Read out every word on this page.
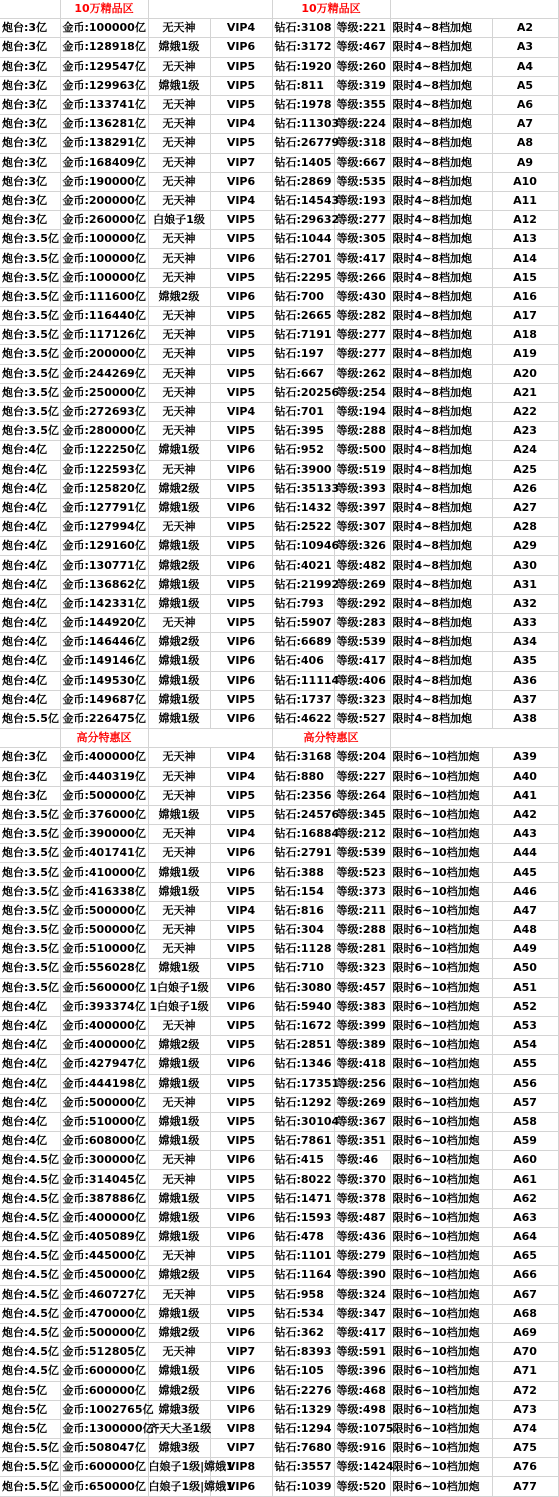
	10万精品区			10万精品区			
炮台:3亿	金币:100000亿	无天神	VIP4	钻石:3108	等级:221	限时4~8档加炮	A2
炮台:3亿	金币:128918亿	嫦娥1级	VIP6	钻石:3172	等级:467	限时4~8档加炮	A3
炮台:3亿	金币:129547亿	无天神	VIP5	钻石:1920	等级:260	限时4~8档加炮	A4
炮台:3亿	金币:129963亿	嫦娥1级	VIP5	钻石:811	等级:319	限时4~8档加炮	A5
炮台:3亿	金币:133741亿	无天神	VIP5	钻石:1978	等级:355	限时4~8档加炮	A6
炮台:3亿	金币:136281亿	无天神	VIP4	钻石:11303	等级:224	限时4~8档加炮	A7
炮台:3亿	金币:138291亿	无天神	VIP5	钻石:26779	等级:318	限时4~8档加炮	A8
炮台:3亿	金币:168409亿	无天神	VIP7	钻石:1405	等级:667	限时4~8档加炮	A9
炮台:3亿	金币:190000亿	无天神	VIP6	钻石:2869	等级:535	限时4~8档加炮	A10
炮台:3亿	金币:200000亿	无天神	VIP4	钻石:14543	等级:193	限时4~8档加炮	A11
炮台:3亿	金币:260000亿	白娘子1级	VIP5	钻石:29632	等级:277	限时4~8档加炮	A12
炮台:3.5亿	金币:100000亿	无天神	VIP5	钻石:1044	等级:305	限时4~8档加炮	A13
炮台:3.5亿	金币:100000亿	无天神	VIP6	钻石:2701	等级:417	限时4~8档加炮	A14
炮台:3.5亿	金币:100000亿	无天神	VIP5	钻石:2295	等级:266	限时4~8档加炮	A15
炮台:3.5亿	金币:111600亿	嫦娥2级	VIP6	钻石:700	等级:430	限时4~8档加炮	A16
炮台:3.5亿	金币:116440亿	无天神	VIP5	钻石:2665	等级:282	限时4~8档加炮	A17
炮台:3.5亿	金币:117126亿	无天神	VIP5	钻石:7191	等级:277	限时4~8档加炮	A18
炮台:3.5亿	金币:200000亿	无天神	VIP5	钻石:197	等级:277	限时4~8档加炮	A19
炮台:3.5亿	金币:244269亿	无天神	VIP5	钻石:667	等级:262	限时4~8档加炮	A20
炮台:3.5亿	金币:250000亿	无天神	VIP5	钻石:20256	等级:254	限时4~8档加炮	A21
炮台:3.5亿	金币:272693亿	无天神	VIP4	钻石:701	等级:194	限时4~8档加炮	A22
炮台:3.5亿	金币:280000亿	无天神	VIP5	钻石:395	等级:288	限时4~8档加炮	A23
炮台:4亿	金币:122250亿	嫦娥1级	VIP6	钻石:952	等级:500	限时4~8档加炮	A24
炮台:4亿	金币:122593亿	无天神	VIP6	钻石:3900	等级:519	限时4~8档加炮	A25
炮台:4亿	金币:125820亿	嫦娥2级	VIP5	钻石:35133	等级:393	限时4~8档加炮	A26
炮台:4亿	金币:127791亿	嫦娥1级	VIP6	钻石:1432	等级:397	限时4~8档加炮	A27
炮台:4亿	金币:127994亿	无天神	VIP5	钻石:2522	等级:307	限时4~8档加炮	A28
炮台:4亿	金币:129160亿	嫦娥1级	VIP5	钻石:10946	等级:326	限时4~8档加炮	A29
炮台:4亿	金币:130771亿	嫦娥2级	VIP6	钻石:4021	等级:482	限时4~8档加炮	A30
炮台:4亿	金币:136862亿	嫦娥1级	VIP5	钻石:21992	等级:269	限时4~8档加炮	A31
炮台:4亿	金币:142331亿	嫦娥1级	VIP5	钻石:793	等级:292	限时4~8档加炮	A32
炮台:4亿	金币:144920亿	无天神	VIP5	钻石:5907	等级:283	限时4~8档加炮	A33
炮台:4亿	金币:146446亿	嫦娥2级	VIP6	钻石:6689	等级:539	限时4~8档加炮	A34
炮台:4亿	金币:149146亿	嫦娥1级	VIP6	钻石:406	等级:417	限时4~8档加炮	A35
炮台:4亿	金币:149530亿	嫦娥1级	VIP6	钻石:11114	等级:406	限时4~8档加炮	A36
炮台:4亿	金币:149687亿	嫦娥1级	VIP5	钻石:1737	等级:323	限时4~8档加炮	A37
炮台:5.5亿	金币:226475亿	嫦娥1级	VIP6	钻石:4622	等级:527	限时4~8档加炮	A38
	高分特惠区			高分特惠区			
炮台:3亿	金币:400000亿	无天神	VIP4	钻石:3168	等级:204	限时6~10档加炮	A39
炮台:3亿	金币:440319亿	无天神	VIP4	钻石:880	等级:227	限时6~10档加炮	A40
炮台:3亿	金币:500000亿	无天神	VIP5	钻石:2356	等级:264	限时6~10档加炮	A41
炮台:3.5亿	金币:376000亿	嫦娥1级	VIP5	钻石:24576	等级:345	限时6~10档加炮	A42
炮台:3.5亿	金币:390000亿	无天神	VIP4	钻石:16884	等级:212	限时6~10档加炮	A43
炮台:3.5亿	金币:401741亿	无天神	VIP6	钻石:2791	等级:539	限时6~10档加炮	A44
炮台:3.5亿	金币:410000亿	嫦娥1级	VIP6	钻石:388	等级:523	限时6~10档加炮	A45
炮台:3.5亿	金币:416338亿	嫦娥1级	VIP5	钻石:154	等级:373	限时6~10档加炮	A46
炮台:3.5亿	金币:500000亿	无天神	VIP4	钻石:816	等级:211	限时6~10档加炮	A47
炮台:3.5亿	金币:500000亿	无天神	VIP5	钻石:304	等级:288	限时6~10档加炮	A48
炮台:3.5亿	金币:510000亿	无天神	VIP5	钻石:1128	等级:281	限时6~10档加炮	A49
炮台:3.5亿	金币:556028亿	嫦娥1级	VIP5	钻石:710	等级:323	限时6~10档加炮	A50
炮台:3.5亿	金币:560000亿	1白娘子1级	VIP6	钻石:3080	等级:457	限时6~10档加炮	A51
炮台:4亿	金币:393374亿	1白娘子1级	VIP6	钻石:5940	等级:383	限时6~10档加炮	A52
炮台:4亿	金币:400000亿	无天神	VIP5	钻石:1672	等级:399	限时6~10档加炮	A53
炮台:4亿	金币:400000亿	嫦娥2级	VIP5	钻石:2851	等级:389	限时6~10档加炮	A54
炮台:4亿	金币:427947亿	嫦娥1级	VIP6	钻石:1346	等级:418	限时6~10档加炮	A55
炮台:4亿	金币:444198亿	嫦娥1级	VIP5	钻石:17351	等级:256	限时6~10档加炮	A56
炮台:4亿	金币:500000亿	无天神	VIP5	钻石:1292	等级:269	限时6~10档加炮	A57
炮台:4亿	金币:510000亿	嫦娥1级	VIP5	钻石:30104	等级:367	限时6~10档加炮	A58
炮台:4亿	金币:608000亿	嫦娥1级	VIP5	钻石:7861	等级:351	限时6~10档加炮	A59
炮台:4.5亿	金币:300000亿	无天神	VIP6	钻石:415	等级:46	限时6~10档加炮	A60
炮台:4.5亿	金币:314045亿	无天神	VIP5	钻石:8022	等级:370	限时6~10档加炮	A61
炮台:4.5亿	金币:387886亿	嫦娥1级	VIP5	钻石:1471	等级:378	限时6~10档加炮	A62
炮台:4.5亿	金币:400000亿	嫦娥1级	VIP6	钻石:1593	等级:487	限时6~10档加炮	A63
炮台:4.5亿	金币:405089亿	嫦娥1级	VIP6	钻石:478	等级:436	限时6~10档加炮	A64
炮台:4.5亿	金币:445000亿	无天神	VIP5	钻石:1101	等级:279	限时6~10档加炮	A65
炮台:4.5亿	金币:450000亿	嫦娥2级	VIP5	钻石:1164	等级:390	限时6~10档加炮	A66
炮台:4.5亿	金币:460727亿	无天神	VIP5	钻石:958	等级:324	限时6~10档加炮	A67
炮台:4.5亿	金币:470000亿	嫦娥1级	VIP5	钻石:534	等级:347	限时6~10档加炮	A68
炮台:4.5亿	金币:500000亿	嫦娥2级	VIP6	钻石:362	等级:417	限时6~10档加炮	A69
炮台:4.5亿	金币:512805亿	无天神	VIP7	钻石:8393	等级:591	限时6~10档加炮	A70
炮台:4.5亿	金币:600000亿	嫦娥1级	VIP6	钻石:105	等级:396	限时6~10档加炮	A71
炮台:5亿	金币:600000亿	嫦娥2级	VIP6	钻石:2276	等级:468	限时6~10档加炮	A72
炮台:5亿	金币:1002765亿	嫦娥3级	VIP6	钻石:1329	等级:498	限时6~10档加炮	A73
炮台:5亿	金币:1300000亿	齐天大圣1级	VIP8	钻石:1294	等级:1075	限时6~10档加炮	A74
炮台:5.5亿	金币:508047亿	嫦娥3级	VIP7	钻石:7680	等级:916	限时6~10档加炮	A75
炮台:5.5亿	金币:600000亿	白娘子1级|嫦娥1	VIP8	钻石:3557	等级:1424	限时6~10档加炮	A76
炮台:5.5亿	金币:650000亿	白娘子1级|嫦娥1	VIP6	钻石:1039	等级:520	限时6~10档加炮	A77
